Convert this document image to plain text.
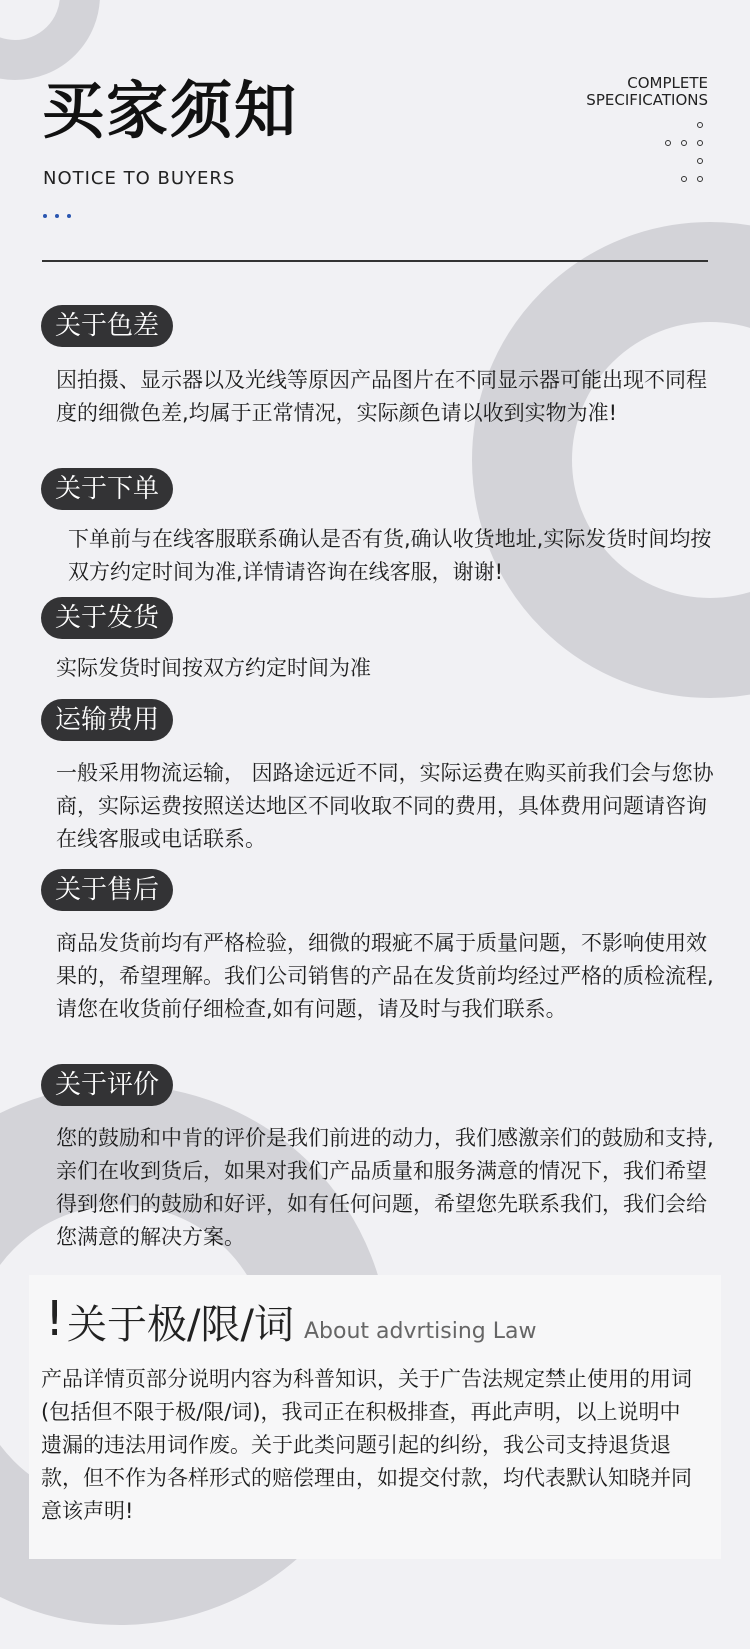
买家须知
NOTICE TO BUYERS
COMPLETE
SPECIFICATIONS
关于色差
因拍摄、显示器以及光线等原因产品图片在不同显示器可能出现不同程度的细微色差,均属于正常情况，实际颜色请以收到实物为准!
关于下单
下单前与在线客服联系确认是否有货,确认收货地址,实际发货时间均按双方约定时间为准,详情请咨询在线客服，谢谢!
关于发货
实际发货时间按双方约定时间为准
运输费用
一般采用物流运输， 因路途远近不同，实际运费在购买前我们会与您协商，实际运费按照送达地区不同收取不同的费用，具体费用问题请咨询在线客服或电话联系。
关于售后
商品发货前均有严格检验，细微的瑕疵不属于质量问题，不影响使用效果的，希望理解。我们公司销售的产品在发货前均经过严格的质检流程,请您在收货前仔细检查,如有问题，请及时与我们联系。
关于评价
您的鼓励和中肯的评价是我们前进的动力，我们感激亲们的鼓励和支持,亲们在收到货后，如果对我们产品质量和服务满意的情况下，我们希望得到您们的鼓励和好评，如有任何问题，希望您先联系我们，我们会给您满意的解决方案。
! 关于极/限/词 About advrtising Law
产品详情页部分说明内容为科普知识，关于广告法规定禁止使用的用词(包括但不限于极/限/词)，我司正在积极排查，再此声明，以上说明中遗漏的违法用词作废。关于此类问题引起的纠纷，我公司支持退货退款，但不作为各样形式的赔偿理由，如提交付款，均代表默认知晓并同意该声明!
